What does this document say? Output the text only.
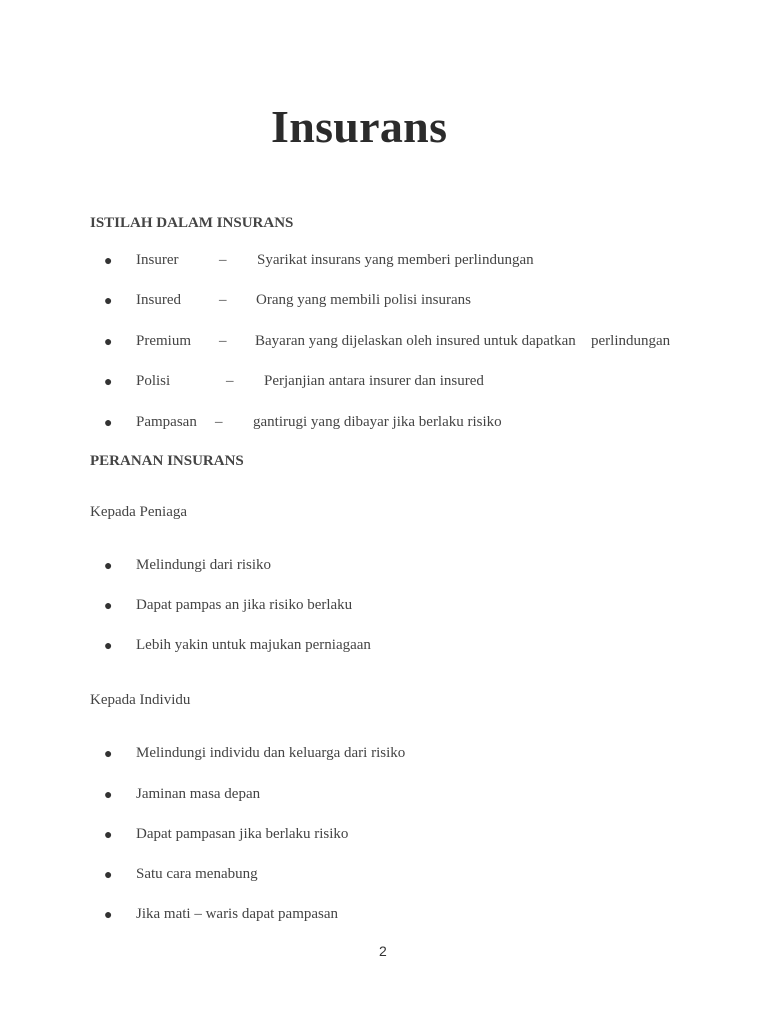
Insurans
ISTILAH DALAM INSURANS
● Insurer	– Syarikat insurans yang memberi perlindungan
● Insured	– Orang yang membili polisi insurans
● Premium – Bayaran yang dijelaskan oleh insured untuk dapatkan perlindungan
● Polisi	– Perjanjian antara insurer dan insured
● Pampasan – gantirugi yang dibayar jika berlaku risiko
PERANAN INSURANS

Kepada Peniaga

● Melindungi dari risiko
● Dapat pampas an jika risiko berlaku
● Lebih yakin untuk majukan perniagaan

Kepada Individu

● Melindungi individu dan keluarga dari risiko
● Jaminan masa depan
● Dapat pampasan jika berlaku risiko
● Satu cara menabung
● Jika mati – waris dapat pampasan
2
